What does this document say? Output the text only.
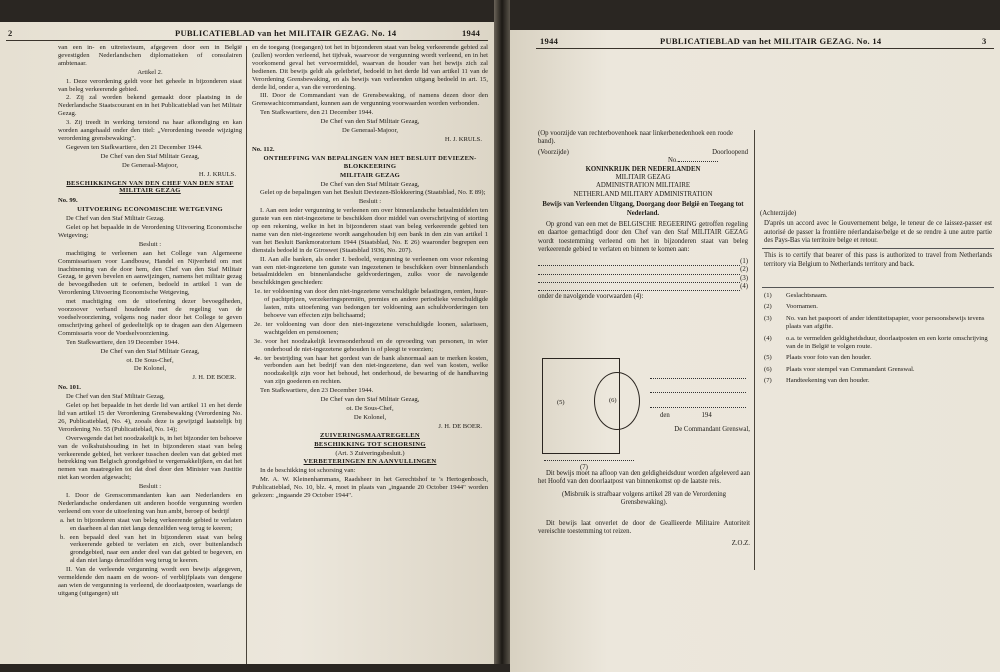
2	PUBLICATIEBLAD van het MILITAIR GEZAG. No. 14	1944

van een in- en uitreisvisum, afgegeven door een in België gevestigden Nederlandschen diplomatieken of consulairen ambtenaar.

Artikel 2.

1. Deze verordening geldt voor het geheele in bijzonderen staat van beleg verkeerende gebied.

2. Zij zal worden bekend gemaakt door plaatsing in de Nederlandsche Staatscourant en in het Publicatieblad van het Militair Gezag.

3. Zij treedt in werking terstond na haar afkondiging en kan worden aangehaald onder den titel: „Verordening tweede wijziging verordening grensbewaking".

Gegeven ten Stafkwartiere, den 21 December 1944.

De Chef van den Staf Militair Gezag,

De Generaal-Majoor,

H. J. KRULS.

BESCHIKKINGEN VAN DEN CHEF VAN DEN STAF MILITAIR GEZAG

No. 99.

UITVOERING ECONOMISCHE WETGEVING

De Chef van den Staf Militair Gezag.

Gelet op het bepaalde in de Verordening Uitvoering Economische Wetgeving;

Besluit :

machtiging te verleenen aan het College van Algemeene Commissarissen voor Landbouw, Handel en Nijverheid om met inachtneming van de door hem, den Chef van den Staf Militair Gezag, te geven bevelen en aanwijzingen, namens het militair gezag de bevoegdheden uit te oefenen, bedoeld in artikel 1 van de Verordening Uitvoering Economische Wetgeving,

met machtiging om de uitoefening dezer bevoegdheden, voorzoover verband houdende met de regeling van de voedselvoorziening, volgens nog nader door het College te geven omschrijving geheel of gedeeltelijk op te dragen aan den Algemeen Commissaris voor de Voedselvoorziening.

Ten Stafkwartiere, den 19 December 1944.

De Chef van den Staf Militair Gezag,

ot. De Sous-Chef,

De Kolonel,

J. H. DE BOER.

No. 101.

De Chef van den Staf Militair Gezag,

Gelet op het bepaalde in het derde lid van artikel 11 en het derde lid van artikel 15 der Verordening Grensbewaking (Verordening No. 26, Publicatieblad, No. 4), zooals deze is gewijzigd laatstelijk bij Verordening No. 55 (Publicatieblad, No. 14);

Overwegende dat het noodzakelijk is, in het bijzonder ten behoeve van de volkshuishouding in het in bijzonderen staat van beleg verkeerende gebied, het verkeer tusschen deelen van dat gebied met betrekking van Belgisch grondgebied te vergemakkelijken, en dat het nemen van maatregelen tot dat doel door den Minister van Justitie niet kan worden afgewacht;

Besluit :

I. Door de Grenscommandanten kan aan Nederlanders en Nederlandsche onderdanen uit anderen hoofde vergunning worden verleend om voor de uitoefening van hun ambt, beroep of bedrijf

a. het in bijzonderen staat van beleg verkeerende gebied te verlaten en daarheen al dan niet langs denzelfden weg terug te keeren;

b. een bepaald deel van het in bijzonderen staat van beleg verkeerende gebied te verlaten en zich, over buitenlandsch grondgebied, naar een ander deel van dat gebied te begeven, en al dan niet langs denzelfden weg terug te keeren.

II. Van de verleende vergunning wordt een bewijs afgegeven, vermeldende den naam en de woon- of verblijfplaats van dengene aan wien de vergunning is verleend, de doorlaatposten, waarlangs de uitgang (uitgangen) uit

en de toegang (toegangen) tot het in bijzonderen staat van beleg verkeerende gebied zal (zullen) worden verleend, het tijdvak, waarvoor de vergunning wordt verleend, en in het voorkomend geval het vervoermiddel, waarvan de houder van het bewijs zich zal bedienen. Dit bewijs geldt als geleibrief, bedoeld in het derde lid van artikel 11 van de Verordening Grensbewaking, en als bewijs van verleenden uitgang bedoeld in art. 15, derde lid, onder a, van die verordening.

III. Door de Commandant van de Grensbewaking, of namens dezen door den Grenswachtcommandant, kunnen aan de vergunning voorwaarden worden verbonden.

Ten Stafkwartiere, den 21 December 1944.

De Chef van den Staf Militair Gezag,

De Generaal-Majoor,

H. J. KRULS.

No. 112.

ONTHEFFING VAN BEPALINGEN VAN HET BESLUIT DEVIEZEN-BLOKKEERING

MILITAIR GEZAG

De Chef van den Staf Militair Gezag,

Gelet op de bepalingen van het Besluit Deviezen-Blokkeering (Staatsblad, No. E 89);

Besluit :

I. Aan een ieder vergunning te verleenen om over binnenlandsche betaalmiddelen ten gunste van een niet-ingezetene te beschikken door middel van overschrijving of storting op een rekening, welke in het in bijzonderen staat van beleg verkeerende gebied ten name van den niet-ingezetene wordt aangehouden bij een bank in den zin van artikel 1 van het Besluit Bankmoratorium 1944 (Staatsblad, No. E 26) waaronder begrepen een dienstals bedoeld in de Giroswet (Staatsblad 1936, No. 207).

II. Aan alle banken, als onder I. bedoeld, vergunning te verleenen om voor rekening van een niet-ingezetene ten gunste van ingezetenen te beschikken over binnenlandsch betaalmiddelen en binnenlandsche geldvorderingen, zulks voor de navolgende beschikkingen geschieden:

1e. ter voldoening van door den niet-ingezetene verschuldigde belastingen, renten, huur- of pachtprijzen, verzekeringspremiën, premies en andere periodieke verschuldigde lasten, mits uitoefening van bedongen ter voldoening aan schuldvorderingen ten behoeve van effecten zijn belichaamd;

2e. ter voldoening van door den niet-ingezetene verschuldigde loonen, salarissen, wachtgelden en pensioenen;

3e. voor het noodzakelijk levensonderhoud en de opvoeding van personen, in wier onderhoud de niet-ingezetene gehouden is of pleegt te voorzien;

4e. ter bestrijding van haar het gordest van de bank alsnormaal aan te merken kosten, verbonden aan het bedrijf van den niet-ingezetene, dan wel van kosten, welke noodzakelijk zijn voor het behoud, het onderhoud, de bewaring of de handhaving van zijn goederen en rechten.

Ten Stafkwartiere, den 23 December 1944.

De Chef van den Staf Militair Gezag,

ot. De Sous-Chef,

De Kolonel,

J. H. DE BOER.

ZUIVERINGSMAATREGELEN

BESCHIKKING TOT SCHORSING

(Art. 3 Zuiveringsbesluit.)

VERBETERINGEN EN AANVULLINGEN

In de beschikking tot schorsing van:

Mr. A. W. Kleinenhammans, Raadsheer in het Gerechtshof te 's Hertogenbosch, Publicatieblad, No. 10, blz. 4, moet in plaats van „ingaande 20 October 1944" worden gelezen: „ingaande 29 October 1944".

1944	PUBLICATIEBLAD van het MILITAIR GEZAG. No. 14	3
(Op voorzijde van rechterbovenhoek naar linkerbenedenhoek een roode band).
(Voorzijde)	Doorloopend
No.
KONINKRIJK DER NEDERLANDEN
MILITAIR GEZAG
ADMINISTRATION MILITAIRE
NETHERLAND MILITARY ADMINISTRATION
Bewijs van Verleenden Uitgang, Doorgang door België en Toegang tot Nederland.
Op grond van een met de BELGISCHE REGEERING getroffen regeling en daartoe gemachtigd door den Chef van den Staf MILITAIR GEZAG wordt toestemming verleend om het in bijzonderen staat van beleg verkeerende gebied te verlaten en binnen te komen aan:
(1)
(2)
(3)
(4)
onder de navolgende voorwaarden (4):
(5)	(6)

den	194
De Commandant Grenswal,
(7)
Dit bewijs moet na afloop van den geldigheidsduur worden afgeleverd aan het Hoofd van den doorlaatpost van binnenkomst op de laatste reis.
(Misbruik is strafbaar volgens artikel 28 van de Verordening Grensbewaking).
Dit bewijs laat onverlet de door de Geallieerde Militaire Autoriteit vereischte toestemming tot reizen.
Z.O.Z.
(Achterzijde)
D'après un accord avec le Gouvernement belge, le teneur de ce laissez-passer est autorisé de passer la frontière néerlandaise/belge et de se rendre à une autre partie des Pays-Bas via territoire belge et retour.
This is to certify that bearer of this pass is authorized to travel from Netherlands territory via Belgium to Netherlands territory and back.
(1)	Geslachtsnaam.
(2)	Voornamen.
(3)	No. van het paspoort of ander identiteitspapier, voor persoonsbewijs tevens plaats van afgifte.
(4)	o.a. te vermelden geldigheidsduur, doorlaatposten en een korte omschrijving van de in België te volgen route.
(5)	Plaats voor foto van den houder.
(6)	Plaats voor stempel van Commandant Grenswal.
(7)	Handteekening van den houder.
